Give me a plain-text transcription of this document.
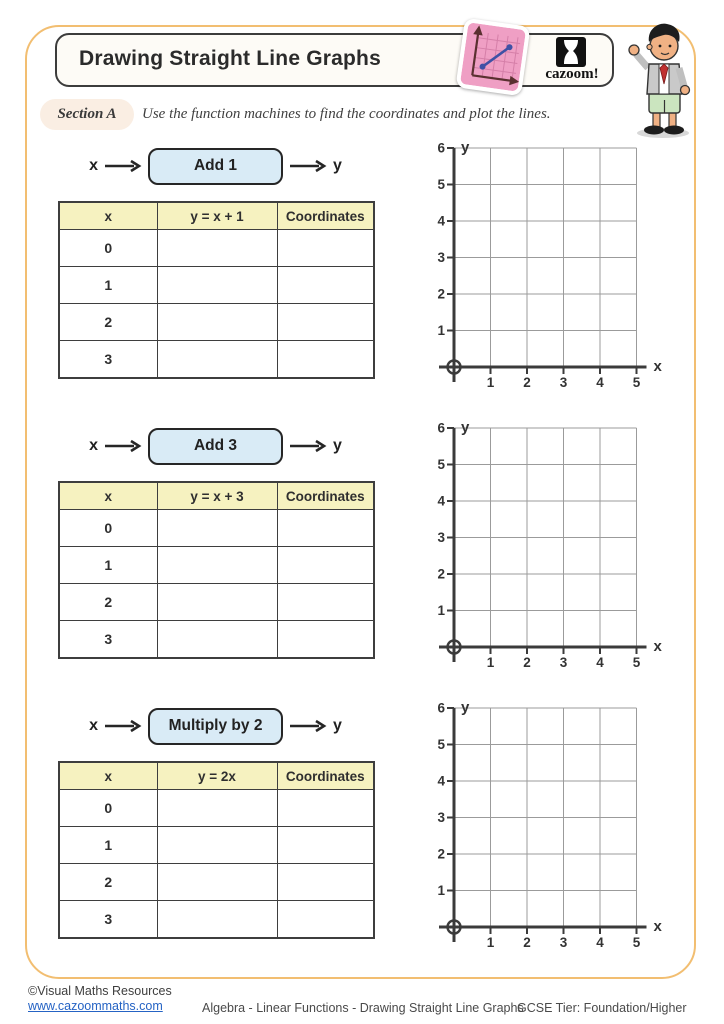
Drawing Straight Line Graphs
cazoom!
Section A Use the function machines to find the coordinates and plot the lines.
x	Add 1	y
x	y = x + 1	Coordinates
0		
1		
2		
3		
1
2
3
4
5
6
1 2 3 4 5
y
x
x	Add 3	y
x	y = x + 3	Coordinates
0		
1		
2		
3		
1
2
3
4
5
6
1 2 3 4 5
y
x
x	Multiply by 2	y
x	y = 2x	Coordinates
0		
1		
2		
3		
1
2
3
4
5
6
1 2 3 4 5
y
x
©Visual Maths Resources
www.cazoommaths.com	Algebra - Linear Functions - Drawing Straight Line Graphs
GCSE Tier: Foundation/Higher
